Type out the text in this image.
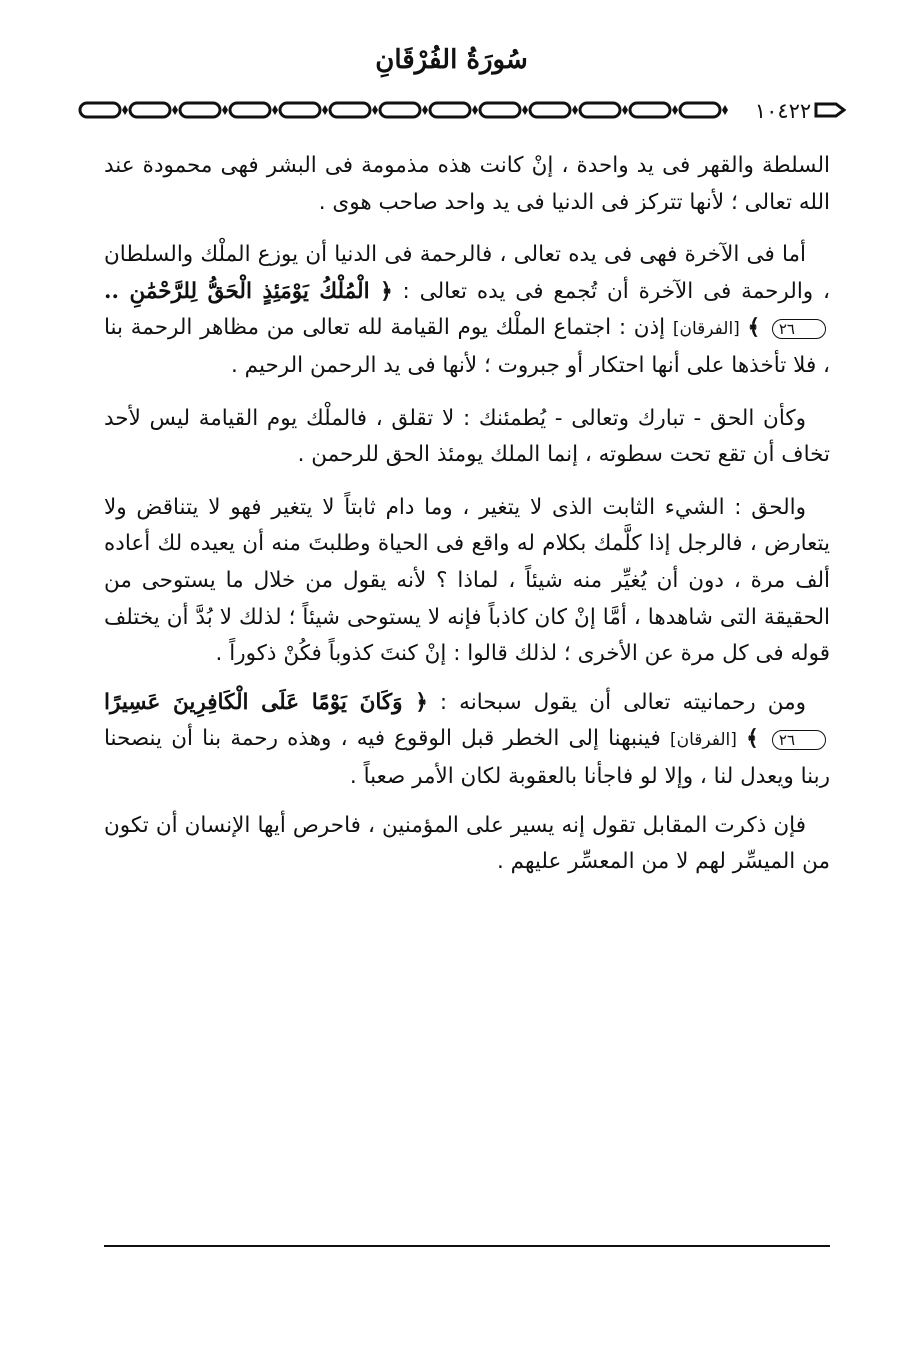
سُورَةُ الفُرْقَانِ
١٠٤٢٢

السلطة والقهر فى يد واحدة ، إنْ كانت هذه مذمومة فى البشر فهى محمودة عند الله تعالى ؛ لأنها تتركز فى الدنيا فى يد واحد صاحب هوى .

أما فى الآخرة فهى فى يده تعالى ، فالرحمة فى الدنيا أن يوزع الملْك والسلطان ، والرحمة فى الآخرة أن تُجمع فى يده تعالى : ﴿ الْمُلْكُ يَوْمَئِذٍ الْحَقُّ لِلرَّحْمَٰنِ .. ٢٦ ﴾ [الفرقان] إذن : اجتماع الملْك يوم القيامة لله تعالى من مظاهر الرحمة بنا ، فلا تأخذها على أنها احتكار أو جبروت ؛ لأنها فى يد الرحمن الرحيم .

وكأن الحق - تبارك وتعالى - يُطمئنك : لا تقلق ، فالملْك يوم القيامة ليس لأحد تخاف أن تقع تحت سطوته ، إنما الملك يومئذ الحق للرحمن .

والحق : الشيء الثابت الذى لا يتغير ، وما دام ثابتاً لا يتغير فهو لا يتناقض ولا يتعارض ، فالرجل إذا كلَّمك بكلام له واقع فى الحياة وطلبتَ منه أن يعيده لك أعاده ألف مرة ، دون أن يُغيِّر منه شيئاً ، لماذا ؟ لأنه يقول من خلال ما يستوحى من الحقيقة التى شاهدها ، أمَّا إنْ كان كاذباً فإنه لا يستوحى شيئاً ؛ لذلك لا بُدَّ أن يختلف قوله فى كل مرة عن الأخرى ؛ لذلك قالوا : إنْ كنتَ كذوباً فكُنْ ذكوراً .

ومن رحمانيته تعالى أن يقول سبحانه : ﴿ وَكَانَ يَوْمًا عَلَى الْكَافِرِينَ عَسِيرًا ٢٦ ﴾ [الفرقان] فينبهنا إلى الخطر قبل الوقوع فيه ، وهذه رحمة بنا أن ينصحنا ربنا ويعدل لنا ، وإلا لو فاجأنا بالعقوبة لكان الأمر صعباً .

فإن ذكرت المقابل تقول إنه يسير على المؤمنين ، فاحرص أيها الإنسان أن تكون من الميسِّر لهم لا من المعسِّر عليهم .
